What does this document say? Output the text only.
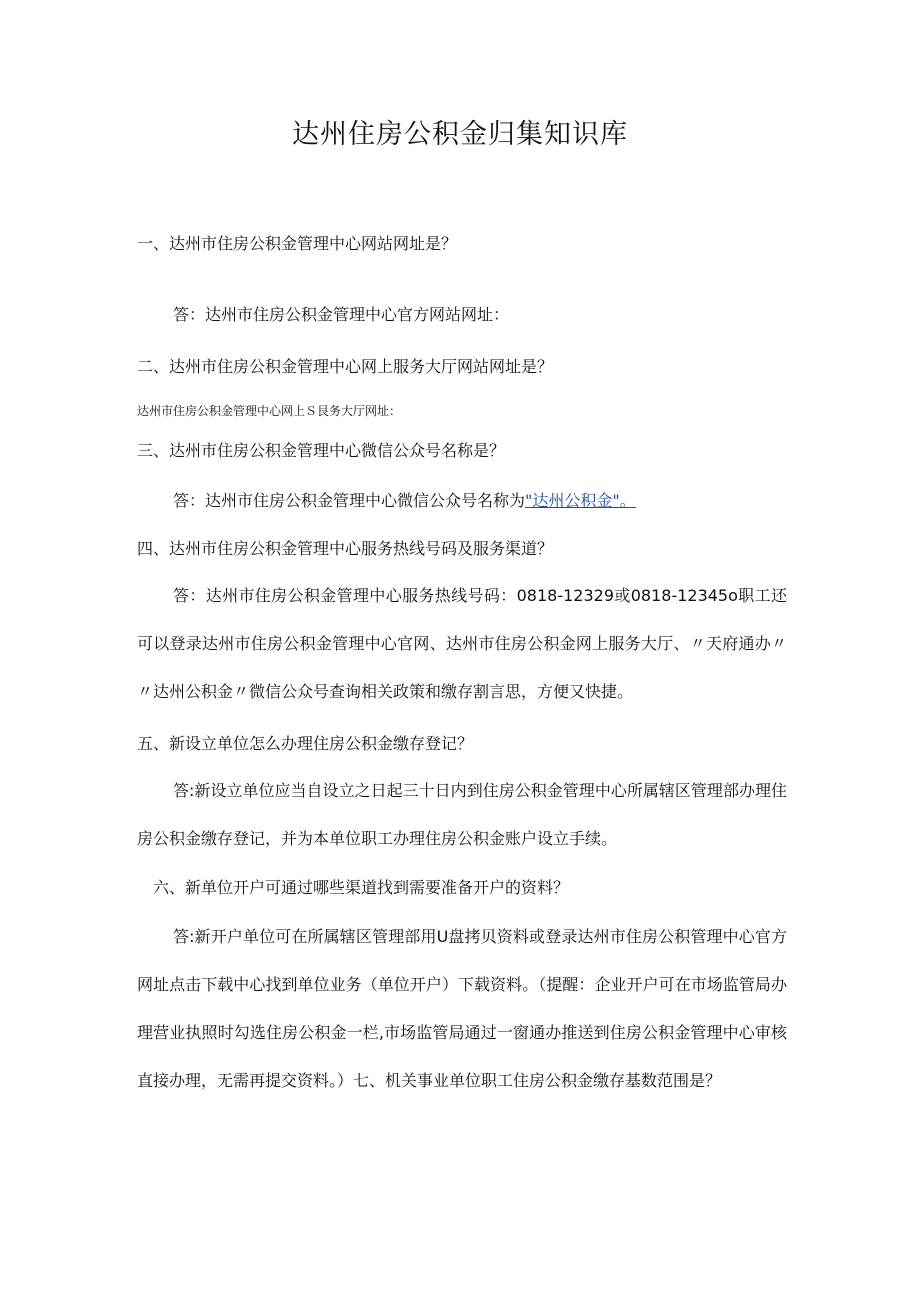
达州住房公积金归集知识库

一、达州市住房公积金管理中心网站网址是？

答：达州市住房公积金管理中心官方网站网址：

二、达州市住房公积金管理中心网上服务大厅网站网址是？

达州市住房公积金管理中心网上Ｓ艮务大厅网址：

三、达州市住房公积金管理中心微信公众号名称是？

答：达州市住房公积金管理中心微信公众号名称为"达州公积金"。

四、达州市住房公积金管理中心服务热线号码及服务渠道？

答：达州市住房公积金管理中心服务热线号码：0818-12329或0818-12345o职工还可以登录达州市住房公积金管理中心官网、达州市住房公积金网上服务大厅、〃天府通办〃〃达州公积金〃微信公众号查询相关政策和缴存割言思，方便又快捷。

五、新设立单位怎么办理住房公积金缴存登记？

答:新设立单位应当自设立之日起三十日内到住房公积金管理中心所属辖区管理部办理住房公积金缴存登记，并为本单位职工办理住房公积金账户设立手续。

六、新单位开户可通过哪些渠道找到需要准备开户的资料？

答:新开户单位可在所属辖区管理部用U盘拷贝资料或登录达州市住房公积管理中心官方网址点击下载中心找到单位业务（单位开户）下载资料。（提醒：企业开户可在市场监管局办理营业执照时勾选住房公积金一栏,市场监管局通过一窗通办推送到住房公积金管理中心审核直接办理，无需再提交资料。）七、机关事业单位职工住房公积金缴存基数范围是？
